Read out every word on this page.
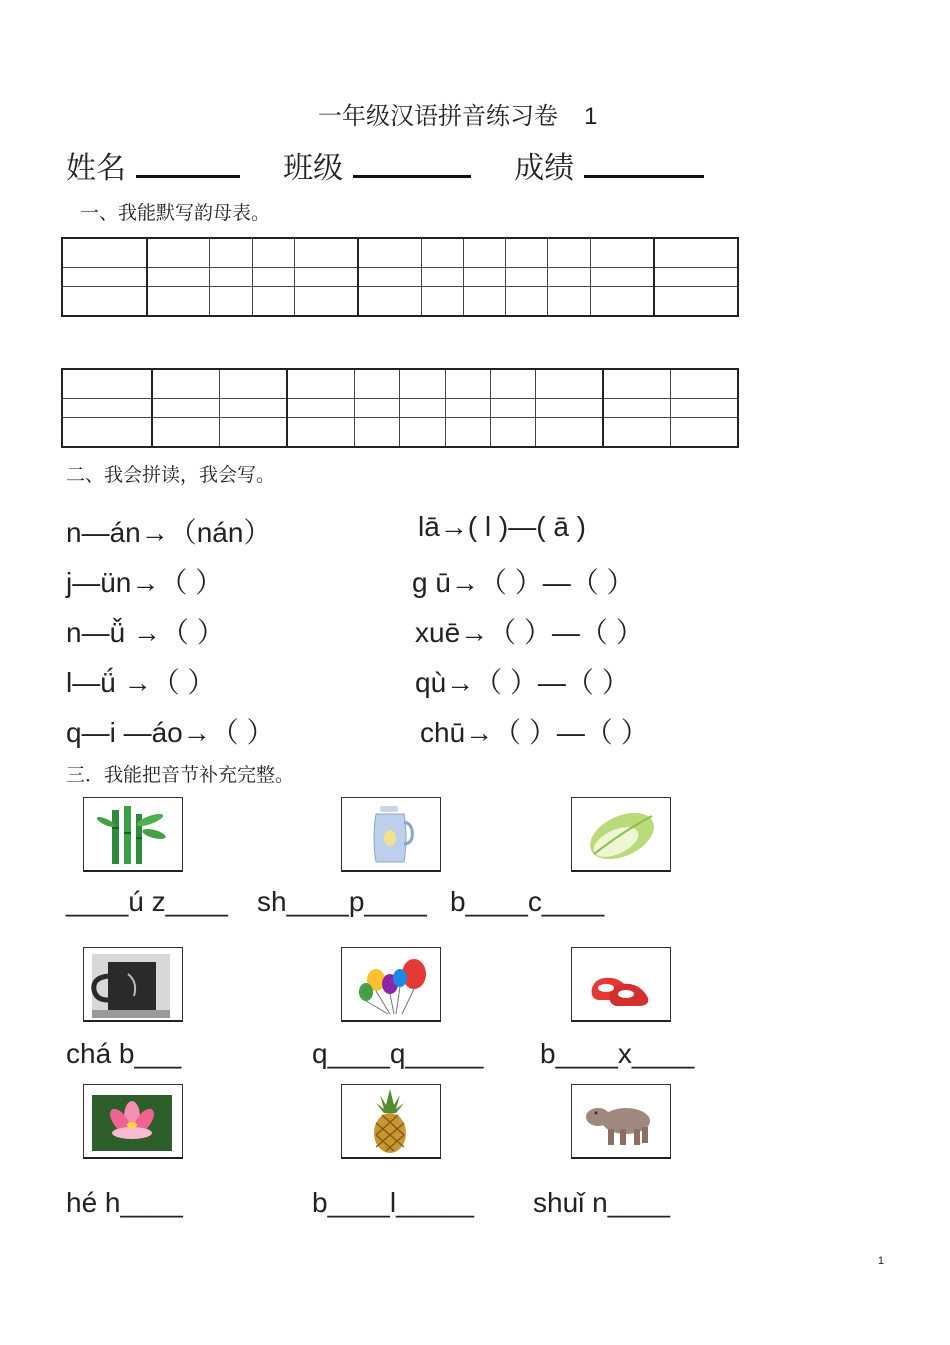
一年级汉语拼音练习卷 1
姓名	班级	成绩
一、我能默写韵母表。

二、我会拼读，我会写。
n—án→（nán）
j—ün→（ ）
n—ǚ →（ ）
l—ǘ →（ ）
q—i —áo→（ ）
lā→( l )—( ā )
g ū→（ ）—（ ）
xuē→（ ）—（ ）
qù→（ ）—（ ）
chū→（ ）—（ ）
三．我能把音节补充完整。
____ú z____ sh____p____ b____c____
chá b___	q____q_____ b____x____
hé h____	b____l_____ shuǐ n____
1
